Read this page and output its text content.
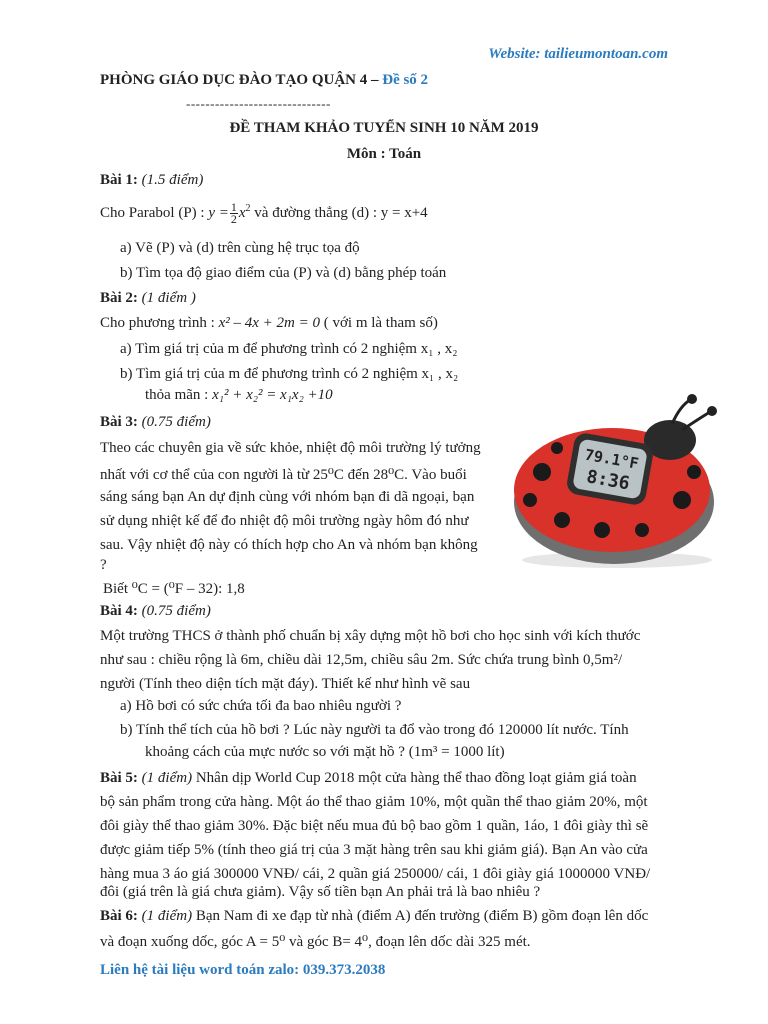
Website: tailieumontoan.com
PHÒNG GIÁO DỤC ĐÀO TẠO QUẬN 4 – Đề số 2
------------------------------
ĐỀ THAM KHẢO TUYỂN SINH 10 NĂM 2019
Môn : Toán
Bài 1: (1.5 điểm)
Cho Parabol (P) : $y = \frac{1}{2} x^2$ và đường thẳng (d) : y = x+4
a) Vẽ (P) và (d) trên cùng hệ trục tọa độ
b) Tìm tọa độ giao điểm của (P) và (d) bằng phép toán
Bài 2: (1 điểm )
Cho phương trình : x² – 4x + 2m = 0 ( với m là tham số)
a) Tìm giá trị của m để phương trình có 2 nghiệm x₁ , x₂
b) Tìm giá trị của m để phương trình có 2 nghiệm x₁ , x₂
thỏa mãn : x₁² + x₂² = x₁x₂ +10
Bài 3: (0.75 điểm)
Theo các chuyên gia về sức khỏe, nhiệt độ môi trường lý tưởng
nhất với cơ thể của con người là từ 25⁰C đến 28⁰C. Vào buổi
sáng sáng bạn An dự định cùng với nhóm bạn đi dã ngoại, bạn
sử dụng nhiệt kế để đo nhiệt độ môi trường ngày hôm đó như
sau. Vậy nhiệt độ này có thích hợp cho An và nhóm bạn không
?
Biết ⁰C = (⁰F – 32): 1,8
79.1°F
8:36
Bài 4: (0.75 điểm)
Một trường THCS ở thành phố chuẩn bị xây dựng một hồ bơi cho học sinh với kích thước
như sau : chiều rộng là 6m, chiều dài 12,5m, chiều sâu 2m. Sức chứa trung bình 0,5m²/
người (Tính theo diện tích mặt đáy). Thiết kế như hình vẽ sau
a) Hồ bơi có sức chứa tối đa bao nhiêu người ?
b) Tính thể tích của hồ bơi ? Lúc này người ta đổ vào trong đó 120000 lít nước. Tính
khoảng cách của mực nước so với mặt hồ ? (1m³ = 1000 lít)
Bài 5: (1 điểm) Nhân dịp World Cup 2018 một cửa hàng thể thao đồng loạt giảm giá toàn
bộ sản phẩm trong cửa hàng. Một áo thể thao giảm 10%, một quần thể thao giảm 20%, một
đôi giày thể thao giảm 30%. Đặc biệt nếu mua đủ bộ bao gồm 1 quần, 1áo, 1 đôi giày thì sẽ
được giảm tiếp 5% (tính theo giá trị của 3 mặt hàng trên sau khi giảm giá). Bạn An vào cửa
hàng mua 3 áo giá 300000 VNĐ/ cái, 2 quần giá 250000/ cái, 1 đôi giày giá 1000000 VNĐ/
đôi (giá trên là giá chưa giảm). Vậy số tiền bạn An phải trả là bao nhiêu ?
Bài 6: (1 điểm) Bạn Nam đi xe đạp từ nhà (điểm A) đến trường (điểm B) gồm đoạn lên dốc
và đoạn xuống dốc, góc A = 5⁰ và góc B= 4⁰, đoạn lên dốc dài 325 mét.
Liên hệ tài liệu word toán zalo: 039.373.2038
